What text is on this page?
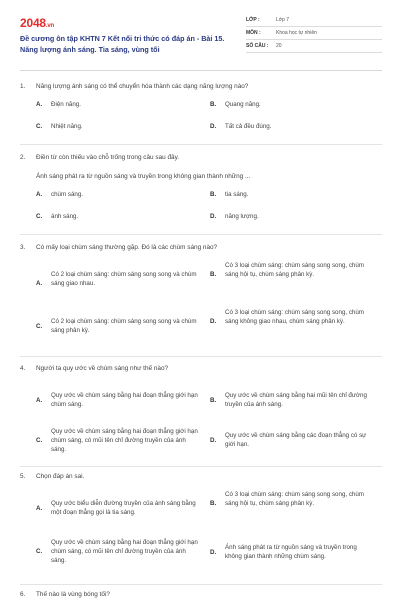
2048.vn
Đề cương ôn tập KHTN 7 Kết nối tri thức có đáp án - Bài 15. Năng lượng ánh sáng. Tia sáng, vùng tối
LỚP :	Lớp 7
MÔN :	Khoa học tự nhiên
SỐ CÂU : 20
1. Năng lượng ánh sáng có thể chuyển hóa thành các dạng năng lượng nào?
A. Điện năng.	B. Quang năng.
C. Nhiệt năng.	D. Tất cả đều đúng.
2. Điền từ còn thiếu vào chỗ trống trong câu sau đây.
Ánh sáng phát ra từ nguồn sáng và truyền trong không gian thành những ...
A. chùm sáng.	B. tia sáng.
C. ánh sáng.	D. năng lượng.
3. Có mấy loại chùm sáng thường gặp. Đó là các chùm sáng nào?
A.
Có 2 loại chùm sáng: chùm sáng song song và chùm sáng giao nhau.
B.
Có 3 loại chùm sáng: chùm sáng song song, chùm sáng hội tụ, chùm sáng phân kỳ.
C.
Có 2 loại chùm sáng: chùm sáng song song và chùm sáng phân kỳ.
D.
Có 3 loại chùm sáng: chùm sáng song song, chùm sáng không giao nhau, chùm sáng phân kỳ.
4. Người ta quy ước về chùm sáng như thế nào?
A.
Quy ước về chùm sáng bằng hai đoạn thẳng giới hạn chùm sáng.
B.
Quy ước về chùm sáng bằng hai mũi tên chỉ đường truyền của ánh sáng.
C.
Quy ước về chùm sáng bằng hai đoạn thẳng giới hạn chùm sáng, có mũi tên chỉ đường truyền của ánh sáng.
D.
Quy ước về chùm sáng bằng các đoạn thẳng có sự giới hạn.
5. Chọn đáp án sai.
A.
Quy ước biểu diễn đường truyền của ánh sáng bằng một đoạn thẳng gọi là tia sáng.
B.
Có 3 loại chùm sáng: chùm sáng song song, chùm sáng hội tụ, chùm sáng phân kỳ.
C.
Quy ước về chùm sáng bằng hai đoạn thẳng giới hạn chùm sáng, có mũi tên chỉ đường truyền của ánh sáng.
D.
Ánh sáng phát ra từ nguồn sáng và truyền trong không gian thành những chùm sáng.
6. Thế nào là vùng bóng tối?
